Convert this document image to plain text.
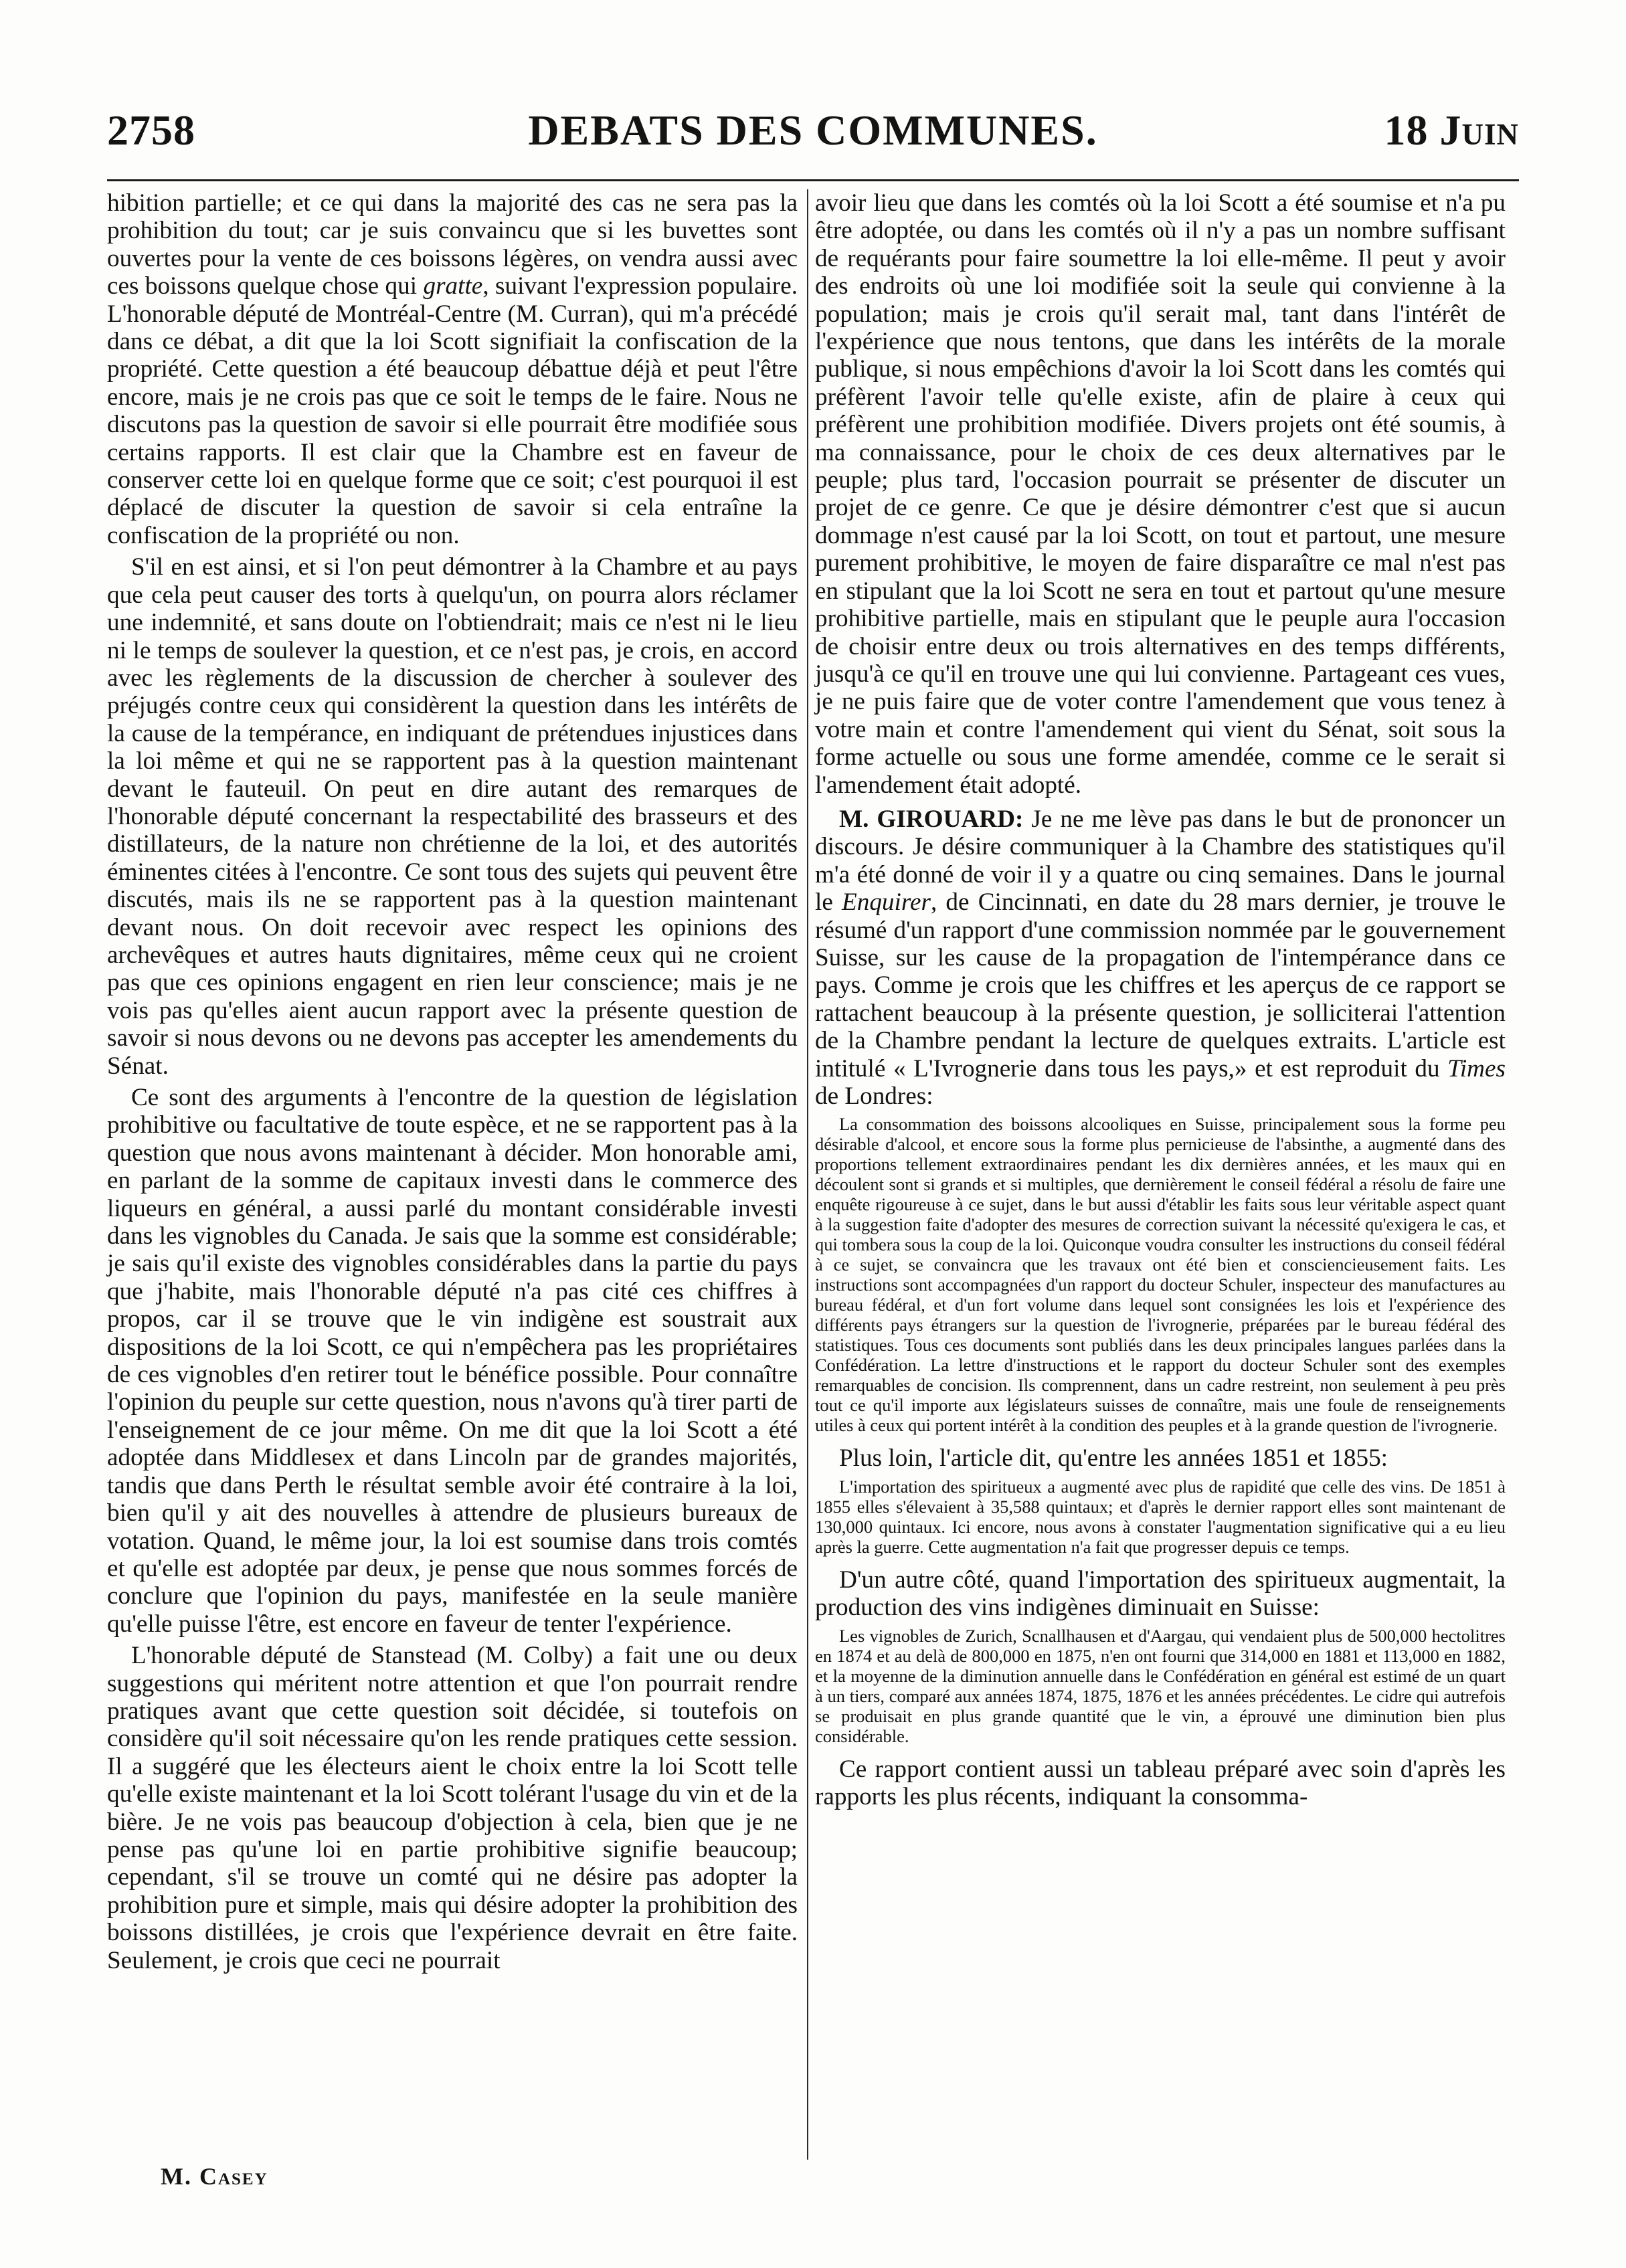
DEBATS DES COMMUNES.
2758	18 Juin

hibition partielle; et ce qui dans la majorité des cas ne sera pas la prohibition du tout; car je suis convaincu que si les buvettes sont ouvertes pour la vente de ces boissons légères, on vendra aussi avec ces boissons quelque chose qui gratte, suivant l'expression populaire. L'honorable député de Montréal-Centre (M. Curran), qui m'a précédé dans ce débat, a dit que la loi Scott signifiait la confiscation de la propriété. Cette question a été beaucoup débattue déjà et peut l'être encore, mais je ne crois pas que ce soit le temps de le faire. Nous ne discutons pas la question de savoir si elle pourrait être modifiée sous certains rapports. Il est clair que la Chambre est en faveur de conserver cette loi en quelque forme que ce soit; c'est pourquoi il est déplacé de discuter la question de savoir si cela entraîne la confiscation de la propriété ou non.

S'il en est ainsi, et si l'on peut démontrer à la Chambre et au pays que cela peut causer des torts à quelqu'un, on pourra alors réclamer une indemnité, et sans doute on l'obtiendrait; mais ce n'est ni le lieu ni le temps de soulever la question, et ce n'est pas, je crois, en accord avec les règlements de la discussion de chercher à soulever des préjugés contre ceux qui considèrent la question dans les intérêts de la cause de la tempérance, en indiquant de prétendues injustices dans la loi même et qui ne se rapportent pas à la question maintenant devant le fauteuil. On peut en dire autant des remarques de l'honorable député concernant la respectabilité des brasseurs et des distillateurs, de la nature non chrétienne de la loi, et des autorités éminentes citées à l'encontre. Ce sont tous des sujets qui peuvent être discutés, mais ils ne se rapportent pas à la question maintenant devant nous. On doit recevoir avec respect les opinions des archevêques et autres hauts dignitaires, même ceux qui ne croient pas que ces opinions engagent en rien leur conscience; mais je ne vois pas qu'elles aient aucun rapport avec la présente question de savoir si nous devons ou ne devons pas accepter les amendements du Sénat.

Ce sont des arguments à l'encontre de la question de législation prohibitive ou facultative de toute espèce, et ne se rapportent pas à la question que nous avons maintenant à décider. Mon honorable ami, en parlant de la somme de capitaux investi dans le commerce des liqueurs en général, a aussi parlé du montant considérable investi dans les vignobles du Canada. Je sais que la somme est considérable; je sais qu'il existe des vignobles considérables dans la partie du pays que j'habite, mais l'honorable député n'a pas cité ces chiffres à propos, car il se trouve que le vin indigène est soustrait aux dispositions de la loi Scott, ce qui n'empêchera pas les propriétaires de ces vignobles d'en retirer tout le bénéfice possible. Pour connaître l'opinion du peuple sur cette question, nous n'avons qu'à tirer parti de l'enseignement de ce jour même. On me dit que la loi Scott a été adoptée dans Middlesex et dans Lincoln par de grandes majorités, tandis que dans Perth le résultat semble avoir été contraire à la loi, bien qu'il y ait des nouvelles à attendre de plusieurs bureaux de votation. Quand, le même jour, la loi est soumise dans trois comtés et qu'elle est adoptée par deux, je pense que nous sommes forcés de conclure que l'opinion du pays, manifestée en la seule manière qu'elle puisse l'être, est encore en faveur de tenter l'expérience.

L'honorable député de Stanstead (M. Colby) a fait une ou deux suggestions qui méritent notre attention et que l'on pourrait rendre pratiques avant que cette question soit décidée, si toutefois on considère qu'il soit nécessaire qu'on les rende pratiques cette session. Il a suggéré que les électeurs aient le choix entre la loi Scott telle qu'elle existe maintenant et la loi Scott tolérant l'usage du vin et de la bière. Je ne vois pas beaucoup d'objection à cela, bien que je ne pense pas qu'une loi en partie prohibitive signifie beaucoup; cependant, s'il se trouve un comté qui ne désire pas adopter la prohibition pure et simple, mais qui désire adopter la prohibition des boissons distillées, je crois que l'expérience devrait en être faite. Seulement, je crois que ceci ne pourrait

avoir lieu que dans les comtés où la loi Scott a été soumise et n'a pu être adoptée, ou dans les comtés où il n'y a pas un nombre suffisant de requérants pour faire soumettre la loi elle-même. Il peut y avoir des endroits où une loi modifiée soit la seule qui convienne à la population; mais je crois qu'il serait mal, tant dans l'intérêt de l'expérience que nous tentons, que dans les intérêts de la morale publique, si nous empêchions d'avoir la loi Scott dans les comtés qui préfèrent l'avoir telle qu'elle existe, afin de plaire à ceux qui préfèrent une prohibition modifiée. Divers projets ont été soumis, à ma connaissance, pour le choix de ces deux alternatives par le peuple; plus tard, l'occasion pourrait se présenter de discuter un projet de ce genre. Ce que je désire démontrer c'est que si aucun dommage n'est causé par la loi Scott, on tout et partout, une mesure purement prohibitive, le moyen de faire disparaître ce mal n'est pas en stipulant que la loi Scott ne sera en tout et partout qu'une mesure prohibitive partielle, mais en stipulant que le peuple aura l'occasion de choisir entre deux ou trois alternatives en des temps différents, jusqu'à ce qu'il en trouve une qui lui convienne. Partageant ces vues, je ne puis faire que de voter contre l'amendement que vous tenez à votre main et contre l'amendement qui vient du Sénat, soit sous la forme actuelle ou sous une forme amendée, comme ce le serait si l'amendement était adopté.

M. GIROUARD: Je ne me lève pas dans le but de prononcer un discours. Je désire communiquer à la Chambre des statistiques qu'il m'a été donné de voir il y a quatre ou cinq semaines. Dans le journal le Enquirer, de Cincinnati, en date du 28 mars dernier, je trouve le résumé d'un rapport d'une commission nommée par le gouvernement Suisse, sur les cause de la propagation de l'intempérance dans ce pays. Comme je crois que les chiffres et les aperçus de ce rapport se rattachent beaucoup à la présente question, je solliciterai l'attention de la Chambre pendant la lecture de quelques extraits. L'article est intitulé « L'Ivrognerie dans tous les pays,» et est reproduit du Times de Londres:

La consommation des boissons alcooliques en Suisse, principalement sous la forme peu désirable d'alcool, et encore sous la forme plus pernicieuse de l'absinthe, a augmenté dans des proportions tellement extraordinaires pendant les dix dernières années, et les maux qui en découlent sont si grands et si multiples, que dernièrement le conseil fédéral a résolu de faire une enquête rigoureuse à ce sujet, dans le but aussi d'établir les faits sous leur véritable aspect quant à la suggestion faite d'adopter des mesures de correction suivant la nécessité qu'exigera le cas, et qui tombera sous la coup de la loi. Quiconque voudra consulter les instructions du conseil fédéral à ce sujet, se convaincra que les travaux ont été bien et consciencieusement faits. Les instructions sont accompagnées d'un rapport du docteur Schuler, inspecteur des manufactures au bureau fédéral, et d'un fort volume dans lequel sont consignées les lois et l'expérience des différents pays étrangers sur la question de l'ivrognerie, préparées par le bureau fédéral des statistiques. Tous ces documents sont publiés dans les deux principales langues parlées dans la Confédération. La lettre d'instructions et le rapport du docteur Schuler sont des exemples remarquables de concision. Ils comprennent, dans un cadre restreint, non seulement à peu près tout ce qu'il importe aux législateurs suisses de connaître, mais une foule de renseignements utiles à ceux qui portent intérêt à la condition des peuples et à la grande question de l'ivrognerie.

Plus loin, l'article dit, qu'entre les années 1851 et 1855:

L'importation des spiritueux a augmenté avec plus de rapidité que celle des vins. De 1851 à 1855 elles s'élevaient à 35,588 quintaux; et d'après le dernier rapport elles sont maintenant de 130,000 quintaux. Ici encore, nous avons à constater l'augmentation significative qui a eu lieu après la guerre. Cette augmentation n'a fait que progresser depuis ce temps.

D'un autre côté, quand l'importation des spiritueux augmentait, la production des vins indigènes diminuait en Suisse:

Les vignobles de Zurich, Scnallhausen et d'Aargau, qui vendaient plus de 500,000 hectolitres en 1874 et au delà de 800,000 en 1875, n'en ont fourni que 314,000 en 1881 et 113,000 en 1882, et la moyenne de la diminution annuelle dans le Confédération en général est estimé de un quart à un tiers, comparé aux années 1874, 1875, 1876 et les années précédentes. Le cidre qui autrefois se produisait en plus grande quantité que le vin, a éprouvé une diminution bien plus considérable.

Ce rapport contient aussi un tableau préparé avec soin d'après les rapports les plus récents, indiquant la consomma-

M. Casey
